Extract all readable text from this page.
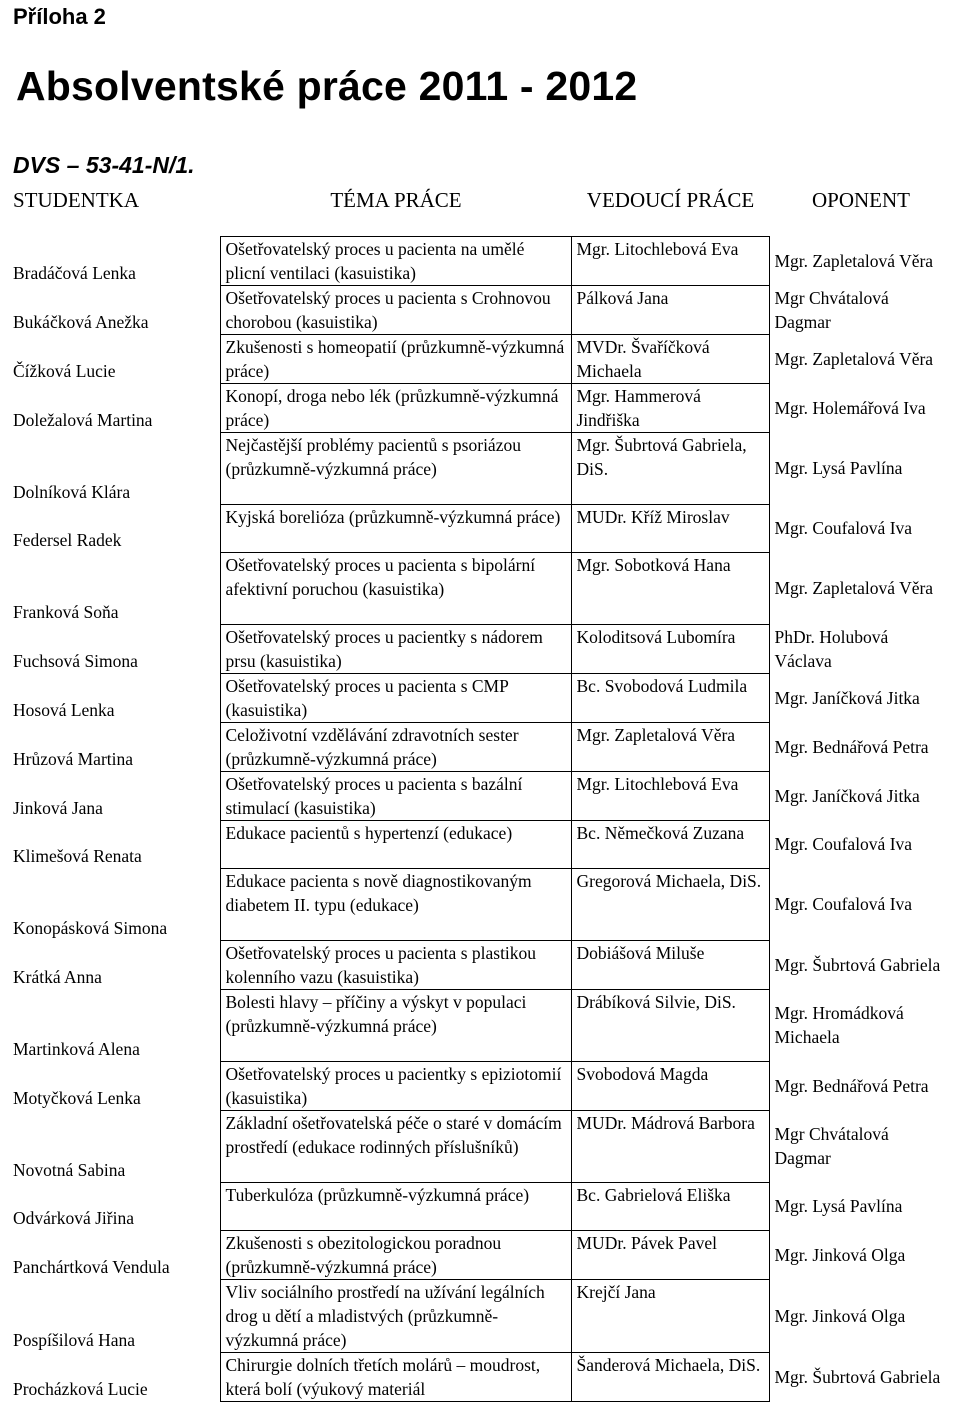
Příloha 2
Absolventské práce 2011 - 2012
DVS – 53-41-N/1.
STUDENTKA	TÉMA PRÁCE	VEDOUCÍ PRÁCE	OPONENT
Bradáčová Lenka	Ošetřovatelský proces u pacienta na umělé plicní ventilaci (kasuistika)	Mgr. Litochlebová Eva	Mgr. Zapletalová Věra
Bukáčková Anežka	Ošetřovatelský proces u pacienta s Crohnovou chorobou (kasuistika)	Pálková Jana	Mgr Chvátalová Dagmar
Čížková Lucie	Zkušenosti s homeopatií (průzkumně-výzkumná práce)	MVDr. Švaříčková Michaela	Mgr. Zapletalová Věra
Doležalová Martina	Konopí, droga nebo lék (průzkumně-výzkumná práce)	Mgr. Hammerová Jindřiška	Mgr. Holemářová Iva
Dolníková Klára	Nejčastější problémy pacientů s psoriázou (průzkumně-výzkumná práce)	Mgr. Šubrtová Gabriela, DiS.	Mgr. Lysá Pavlína
Federsel Radek	Kyjská borelióza (průzkumně-výzkumná práce)	MUDr. Kříž Miroslav	Mgr. Coufalová Iva
Franková Soňa	Ošetřovatelský proces u pacienta s bipolární afektivní poruchou (kasuistika)	Mgr. Sobotková Hana	Mgr. Zapletalová Věra
Fuchsová Simona	Ošetřovatelský proces u pacientky s nádorem prsu (kasuistika)	Koloditsová Lubomíra	PhDr. Holubová Václava
Hosová Lenka	Ošetřovatelský proces u pacienta s CMP (kasuistika)	Bc. Svobodová Ludmila	Mgr. Janíčková Jitka
Hrůzová Martina	Celoživotní vzdělávání zdravotních sester (průzkumně-výzkumná práce)	Mgr. Zapletalová Věra	Mgr. Bednářová Petra
Jinková Jana	Ošetřovatelský proces u pacienta s bazální stimulací (kasuistika)	Mgr. Litochlebová Eva	Mgr. Janíčková Jitka
Klimešová Renata	Edukace pacientů s hypertenzí (edukace)	Bc. Němečková Zuzana	Mgr. Coufalová Iva
Konopásková Simona	Edukace pacienta s nově diagnostikovaným diabetem II. typu (edukace)	Gregorová Michaela, DiS.	Mgr. Coufalová Iva
Krátká Anna	Ošetřovatelský proces u pacienta s plastikou kolenního vazu (kasuistika)	Dobiášová Miluše	Mgr. Šubrtová Gabriela
Martinková Alena	Bolesti hlavy – příčiny a výskyt v populaci (průzkumně-výzkumná práce)	Drábíková Silvie, DiS.	Mgr. Hromádková Michaela
Motyčková Lenka	Ošetřovatelský proces u pacientky s epiziotomií (kasuistika)	Svobodová Magda	Mgr. Bednářová Petra
Novotná Sabina	Základní ošetřovatelská péče o staré v domácím prostředí (edukace rodinných příslušníků)	MUDr. Mádrová Barbora	Mgr Chvátalová Dagmar
Odvárková Jiřina	Tuberkulóza (průzkumně-výzkumná práce)	Bc. Gabrielová Eliška	Mgr. Lysá Pavlína
Panchártková Vendula	Zkušenosti s obezitologickou poradnou (průzkumně-výzkumná práce)	MUDr. Pávek Pavel	Mgr. Jinková Olga
Pospíšilová Hana	Vliv sociálního prostředí na užívání legálních drog u dětí a mladistvých (průzkumně-výzkumná práce)	Krejčí Jana	Mgr. Jinková Olga
Procházková Lucie	Chirurgie dolních třetích molárů – moudrost, která bolí (výukový materiál	Šanderová Michaela, DiS.	Mgr. Šubrtová Gabriela
